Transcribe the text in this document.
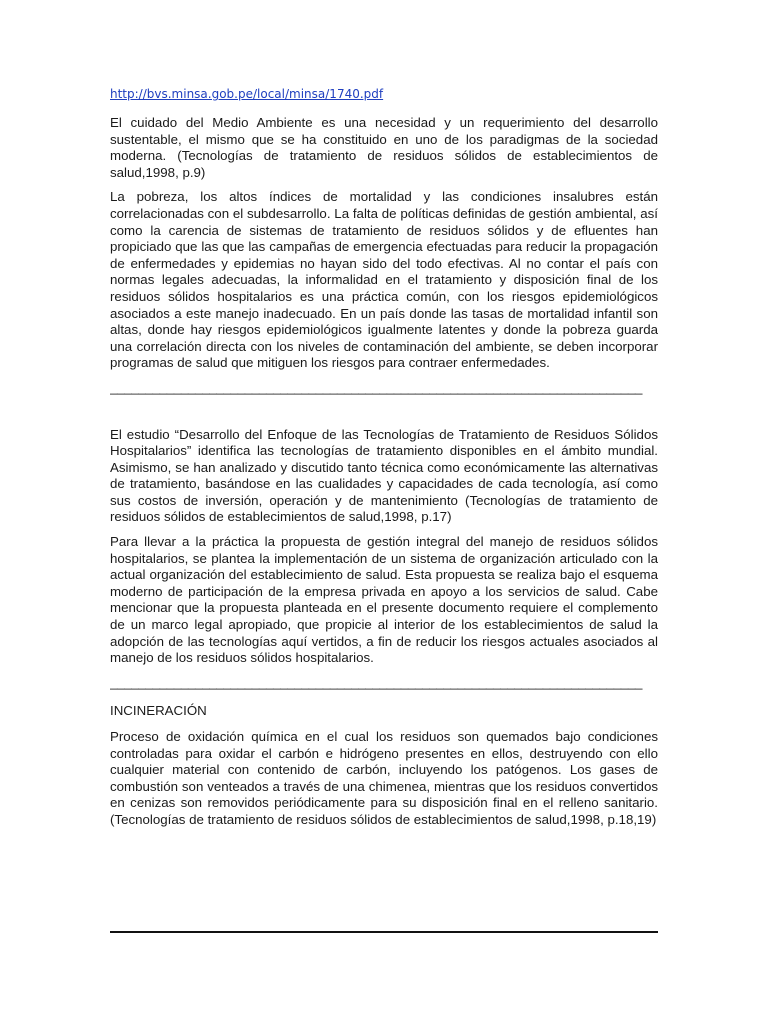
http://bvs.minsa.gob.pe/local/minsa/1740.pdf

El cuidado del Medio Ambiente es una necesidad y un requerimiento del desarrollo sustentable, el mismo que se ha constituido en uno de los paradigmas de la sociedad moderna. (Tecnologías de tratamiento de residuos sólidos de establecimientos de salud,1998, p.9)

La pobreza, los altos índices de mortalidad y las condiciones insalubres están correlacionadas con el subdesarrollo. La falta de políticas definidas de gestión ambiental, así como la carencia de sistemas de tratamiento de residuos sólidos y de efluentes han propiciado que las que las campañas de emergencia efectuadas para reducir la propagación de enfermedades y epidemias no hayan sido del todo efectivas. Al no contar el país con normas legales adecuadas, la informalidad en el tratamiento y disposición final de los residuos sólidos hospitalarios es una práctica común, con los riesgos epidemiológicos asociados a este manejo inadecuado. En un país donde las tasas de mortalidad infantil son altas, donde hay riesgos epidemiológicos igualmente latentes y donde la pobreza guarda una correlación directa con los niveles de contaminación del ambiente, se deben incorporar programas de salud que mitiguen los riesgos para contraer enfermedades.

___________________________________________________________________________

El estudio “Desarrollo del Enfoque de las Tecnologías de Tratamiento de Residuos Sólidos Hospitalarios” identifica las tecnologías de tratamiento disponibles en el ámbito mundial. Asimismo, se han analizado y discutido tanto técnica como económicamente las alternativas de tratamiento, basándose en las cualidades y capacidades de cada tecnología, así como sus costos de inversión, operación y de mantenimiento (Tecnologías de tratamiento de residuos sólidos de establecimientos de salud,1998, p.17)

Para llevar a la práctica la propuesta de gestión integral del manejo de residuos sólidos hospitalarios, se plantea la implementación de un sistema de organización articulado con la actual organización del establecimiento de salud. Esta propuesta se realiza bajo el esquema moderno de participación de la empresa privada en apoyo a los servicios de salud. Cabe mencionar que la propuesta planteada en el presente documento requiere el complemento de un marco legal apropiado, que propicie al interior de los establecimientos de salud la adopción de las tecnologías aquí vertidos, a fin de reducir los riesgos actuales asociados al manejo de los residuos sólidos hospitalarios.

___________________________________________________________________________
INCINERACIÓN

Proceso de oxidación química en el cual los residuos son quemados bajo condiciones controladas para oxidar el carbón e hidrógeno presentes en ellos, destruyendo con ello cualquier material con contenido de carbón, incluyendo los patógenos. Los gases de combustión son venteados a través de una chimenea, mientras que los residuos convertidos en cenizas son removidos periódicamente para su disposición final en el relleno sanitario. (Tecnologías de tratamiento de residuos sólidos de establecimientos de salud,1998, p.18,19)
